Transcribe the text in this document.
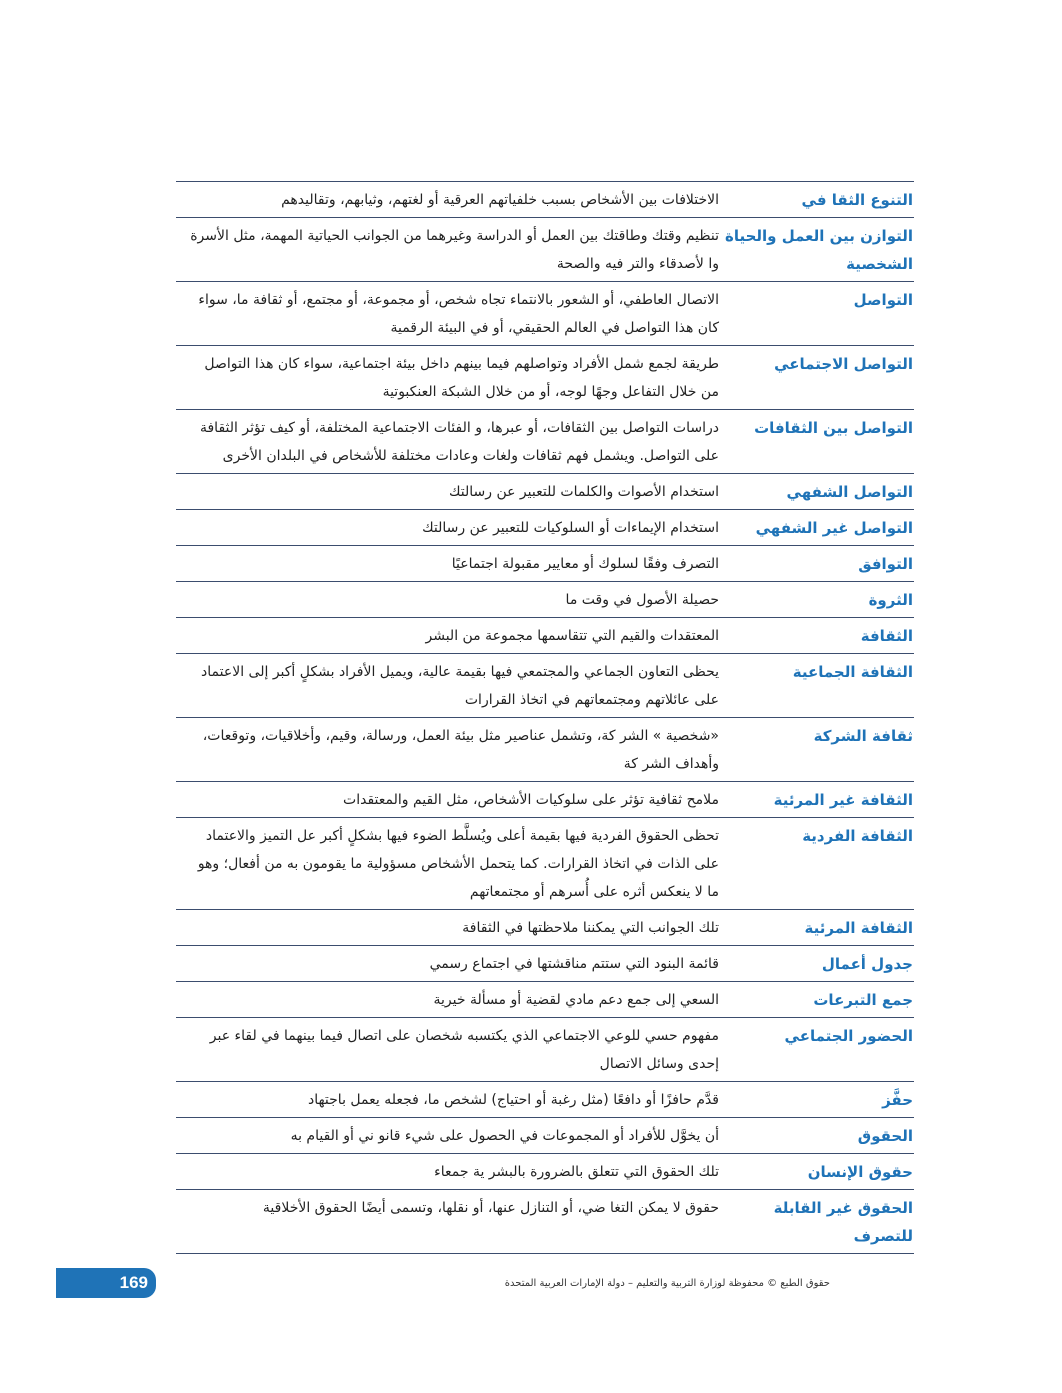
التنوع الثقا في
الاختلافات بين الأشخاص بسبب خلفياتهم العرقية أو لغتهم، وثيابهم، وتقاليدهم
التوازن بين العمل والحياة الشخصية
تنظيم وقتك وطاقتك بين العمل أو الدراسة وغيرهما من الجوانب الحياتية المهمة، مثل الأسرة وا لأصدقاء والتر فيه والصحة
التواصل
الاتصال العاطفي، أو الشعور بالانتماء تجاه شخص، أو مجموعة، أو مجتمع، أو ثقافة ما، سواء كان هذا التواصل في العالم الحقيقي، أو في البيئة الرقمية
التواصل الاجتماعي
طريقة لجمع شمل الأفراد وتواصلهم فيما بينهم داخل بيئة اجتماعية، سواء كان هذا التواصل من خلال التفاعل وجهًا لوجه، أو من خلال الشبكة العنكبوتية
التواصل بين الثقافات
دراسات التواصل بين الثقافات، أو عبرها، و الفئات الاجتماعية المختلفة، أو كيف تؤثر الثقافة على التواصل. ويشمل فهم ثقافات ولغات وعادات مختلفة للأشخاص في البلدان الأخرى
التواصل الشفهي
استخدام الأصوات والكلمات للتعبير عن رسالتك
التواصل غير الشفهي
استخدام الإيماءات أو السلوكيات للتعبير عن رسالتك
التوافق
التصرف وفقًا لسلوك أو معايير مقبولة اجتماعيًا
الثروة
حصيلة الأصول في وقت ما
الثقافة
المعتقدات والقيم التي تتقاسمها مجموعة من البشر
الثقافة الجماعية
يحظى التعاون الجماعي والمجتمعي فيها بقيمة عالية، ويميل الأفراد بشكلٍ أكبر إلى الاعتماد على عائلاتهم ومجتمعاتهم في اتخاذ القرارات
ثقافة الشركة
«شخصية » الشر كة، وتشمل عناصير مثل بيئة العمل، ورسالة، وقيم، وأخلاقيات، وتوقعات، وأهداف الشر كة
الثقافة غير المرئية
ملامح ثقافية تؤثر على سلوكيات الأشخاص، مثل القيم والمعتقدات
الثقافة الفردية
تحظى الحقوق الفردية فيها بقيمة أعلى ويُسلَّط الضوء فيها بشكلٍ أكبر عل التميز والاعتماد على الذات في اتخاذ القرارات. كما يتحمل الأشخاص مسؤولية ما يقومون به من أفعال؛ وهو ما لا ينعكس أثره على أُسرهم أو مجتمعاتهم
الثقافة المرئية
تلك الجوانب التي يمكننا ملاحظتها في الثقافة
جدول أعمال
قائمة البنود التي ستتم مناقشتها في اجتماع رسمي
جمع التبرعات
السعي إلى جمع دعم مادي لقضية أو مسألة خيرية
الحضور الجتماعي
مفهوم حسي للوعي الاجتماعي الذي يكتسبه شخصان على اتصال فيما بينهما في لقاء عبر إحدى وسائل الاتصال
حفَّز
قدَّم حافزًا أو دافعًا (مثل رغبة أو احتياج) لشخص ما، فجعله يعمل باجتهاد
الحقوق
أن يخوَّل للأفراد أو المجموعات في الحصول على شيء قانو ني أو القيام به
حقوق الإنسان
تلك الحقوق التي تتعلق بالضرورة بالبشر ية جمعاء
الحقوق غير القابلة للتصرف
حقوق لا يمكن التغا ضي، أو التنازل عنها، أو نقلها، وتسمى أيضًا الحقوق الأخلاقية
169	حقوق الطبع © محفوظة لوزارة التربية والتعليم – دولة الإمارات العربية المتحدة
